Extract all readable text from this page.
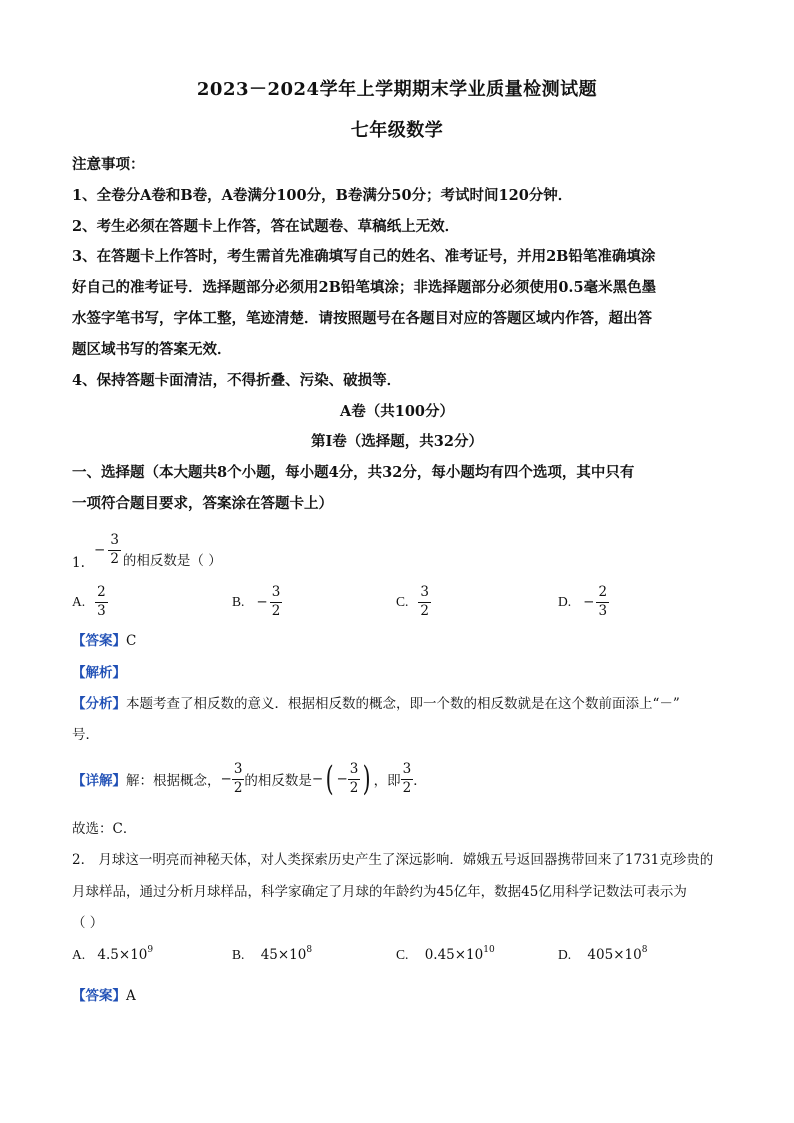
2023－2024学年上学期期末学业质量检测试题
七年级数学
注意事项：
1、全卷分A卷和B卷，A卷满分100分，B卷满分50分；考试时间120分钟．
2、考生必须在答题卡上作答，答在试题卷、草稿纸上无效．
3、在答题卡上作答时，考生需首先准确填写自己的姓名、准考证号，并用2B铅笔准确填涂
好自己的准考证号．选择题部分必须用2B铅笔填涂；非选择题部分必须使用0.5毫米黑色墨
水签字笔书写，字体工整，笔迹清楚．请按照题号在各题目对应的答题区域内作答，超出答
题区域书写的答案无效．
4、保持答题卡面清洁，不得折叠、污染、破损等．
A卷（共100分）
第I卷（选择题，共32分）
一、选择题（本大题共8个小题，每小题4分，共32分，每小题均有四个选项，其中只有
一项符合题目要求，答案涂在答题卡上）
1.
− $\frac{3}{2}$ 的相反数是（ ）
A. $\frac{2}{3}$	B. − $\frac{3}{2}$	C. $\frac{3}{2}$	D. − $\frac{2}{3}$
【答案】C
【解析】
【分析】本题考查了相反数的意义．根据相反数的概念，即一个数的相反数就是在这个数前面添上“－”
号．
【详解】 解：根据概念， − $\frac{3}{2}$ 的相反数是 − ( − $\frac{3}{2}$ ) ，即 $\frac{3}{2}$ ．
故选：C．
2． 月球这一明亮而神秘天体，对人类探索历史产生了深远影响．嫦娥五号返回器携带回来了1731克珍贵的
月球样品，通过分析月球样品，科学家确定了月球的年龄约为45亿年，数据45亿用科学记数法可表示为
（ ）
A. $4.5\times 10^9$	B. $45\times 10^8$	C. $0.45\times 10^{10}$	D. $405\times 10^8$
【答案】A
